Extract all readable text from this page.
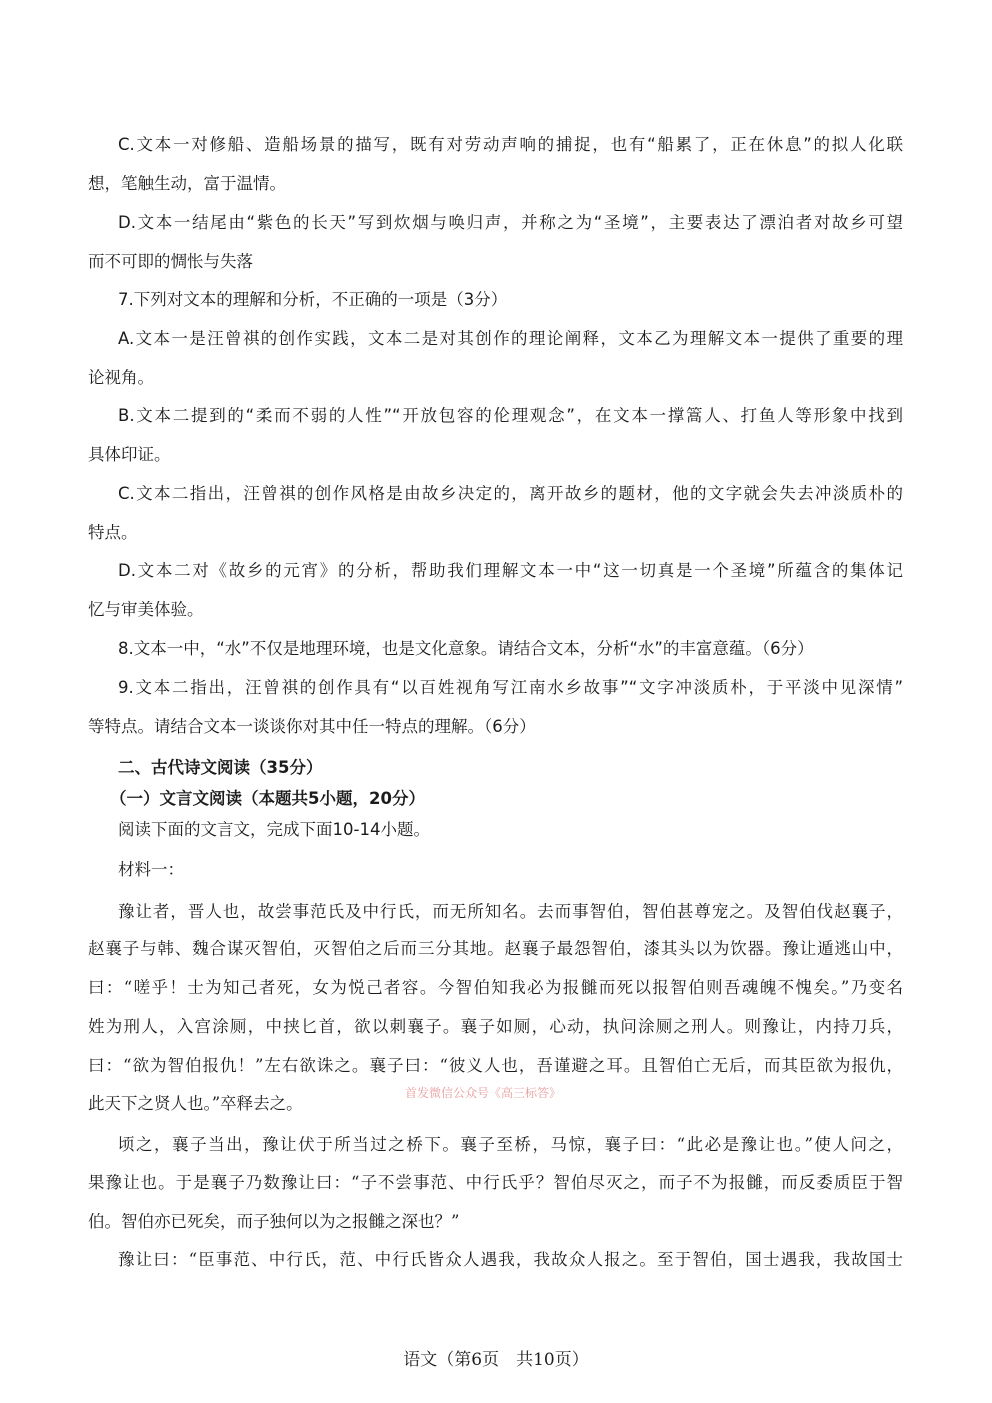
C.文本一对修船、造船场景的描写，既有对劳动声响的捕捉，也有“船累了，正在休息”的拟人化联
想，笔触生动，富于温情。
D.文本一结尾由“紫色的长天”写到炊烟与唤归声，并称之为“圣境”，主要表达了漂泊者对故乡可望
而不可即的惆怅与失落
7.下列对文本的理解和分析，不正确的一项是（3分）
A.文本一是汪曾祺的创作实践，文本二是对其创作的理论阐释，文本乙为理解文本一提供了重要的理
论视角。
B.文本二提到的“柔而不弱的人性”“开放包容的伦理观念”，在文本一撑篙人、打鱼人等形象中找到
具体印证。
C.文本二指出，汪曾祺的创作风格是由故乡决定的，离开故乡的题材，他的文字就会失去冲淡质朴的
特点。
D.文本二对《故乡的元宵》的分析，帮助我们理解文本一中“这一切真是一个圣境”所蕴含的集体记
忆与审美体验。
8.文本一中，“水”不仅是地理环境，也是文化意象。请结合文本，分析“水”的丰富意蕴。（6分）
9.文本二指出，汪曾祺的创作具有“以百姓视角写江南水乡故事”“文字冲淡质朴，于平淡中见深情”
等特点。请结合文本一谈谈你对其中任一特点的理解。（6分）
二、古代诗文阅读（35分）
（一）文言文阅读（本题共5小题，20分）
阅读下面的文言文，完成下面10-14小题。
材料一：
豫让者，晋人也，故尝事范氏及中行氏，而无所知名。去而事智伯，智伯甚尊宠之。及智伯伐赵襄子，
赵襄子与韩、魏合谋灭智伯，灭智伯之后而三分其地。赵襄子最怨智伯，漆其头以为饮器。豫让遁逃山中，
曰：“嗟乎！士为知己者死，女为悦己者容。今智伯知我必为报雠而死以报智伯则吾魂魄不愧矣。”乃变名
姓为刑人，入宫涂厕，中挟匕首，欲以刺襄子。襄子如厕，心动，执问涂厕之刑人。则豫让，内持刀兵，
曰：“欲为智伯报仇！”左右欲诛之。襄子曰：“彼义人也，吾谨避之耳。且智伯亡无后，而其臣欲为报仇，
此天下之贤人也。”卒释去之。
首发微信公众号《高三标答》
顷之，襄子当出，豫让伏于所当过之桥下。襄子至桥，马惊，襄子曰：“此必是豫让也。”使人问之，
果豫让也。于是襄子乃数豫让曰：“子不尝事范、中行氏乎？智伯尽灭之，而子不为报雠，而反委质臣于智
伯。智伯亦已死矣，而子独何以为之报雠之深也？”
豫让曰：“臣事范、中行氏，范、中行氏皆众人遇我，我故众人报之。至于智伯，国士遇我，我故国士
语文（第6页　共10页）
